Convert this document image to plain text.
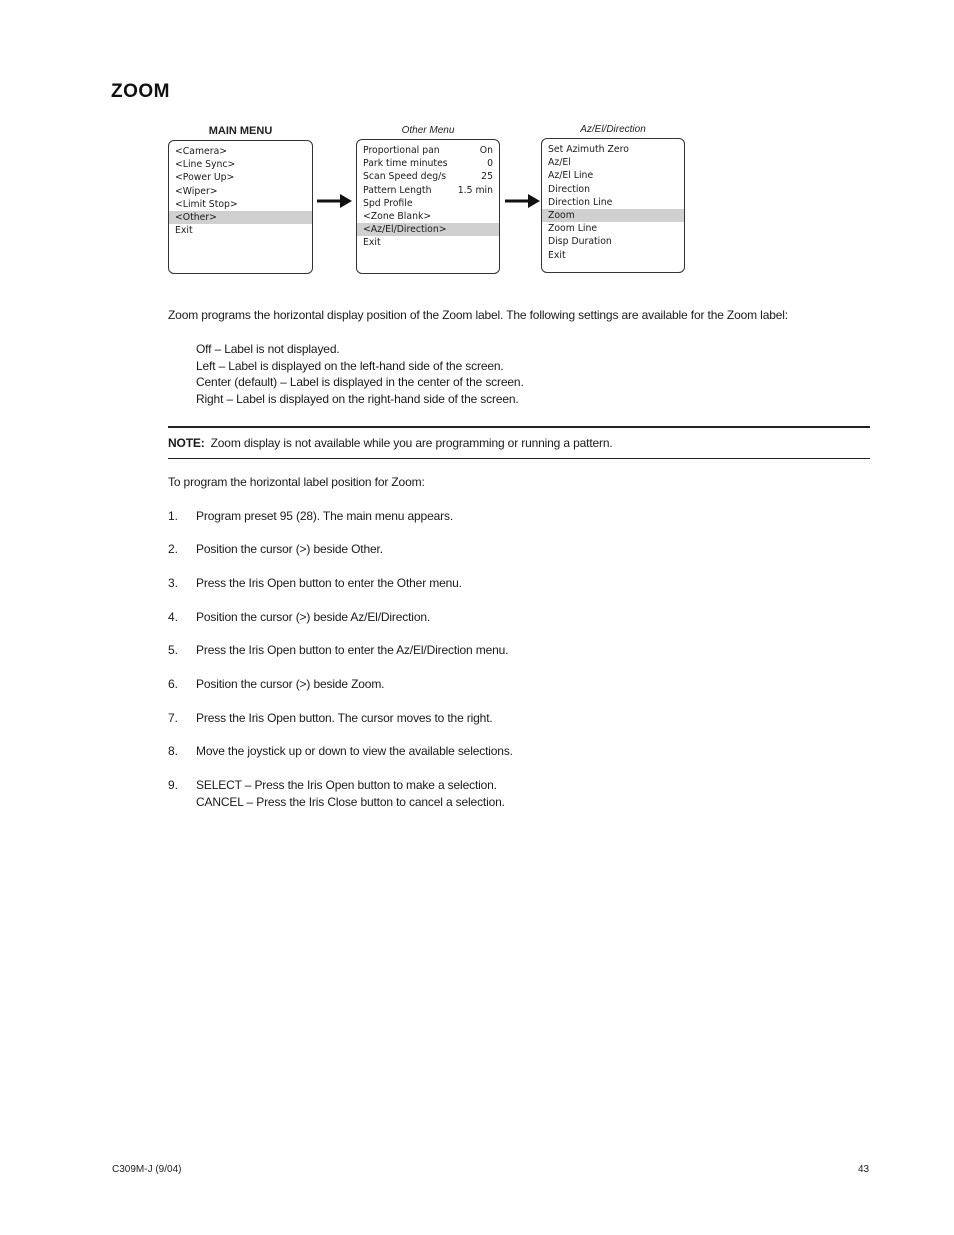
ZOOM
MAIN MENU
<Camera>
<Line Sync>
<Power Up>
<Wiper>
<Limit Stop>
<Other>
Exit
Other Menu
Proportional pan	On
Park time minutes	0
Scan Speed deg/s	25
Pattern Length	1.5 min
Spd Profile
<Zone Blank>
<Az/El/Direction>
Exit
Az/El/Direction
Set Azimuth Zero
Az/El
Az/El Line
Direction
Direction Line
Zoom
Zoom Line
Disp Duration
Exit
Zoom programs the horizontal display position of the Zoom label. The following settings are available for the Zoom label:
Off – Label is not displayed.
Left – Label is displayed on the left-hand side of the screen.
Center (default) – Label is displayed in the center of the screen.
Right – Label is displayed on the right-hand side of the screen.
NOTE: Zoom display is not available while you are programming or running a pattern.
To program the horizontal label position for Zoom:
1. Program preset 95 (28). The main menu appears.
2. Position the cursor (>) beside Other.
3. Press the Iris Open button to enter the Other menu.
4. Position the cursor (>) beside Az/El/Direction.
5. Press the Iris Open button to enter the Az/El/Direction menu.
6. Position the cursor (>) beside Zoom.
7. Press the Iris Open button. The cursor moves to the right.
8. Move the joystick up or down to view the available selections.
9. SELECT – Press the Iris Open button to make a selection.
CANCEL – Press the Iris Close button to cancel a selection.
C309M-J (9/04)	43
